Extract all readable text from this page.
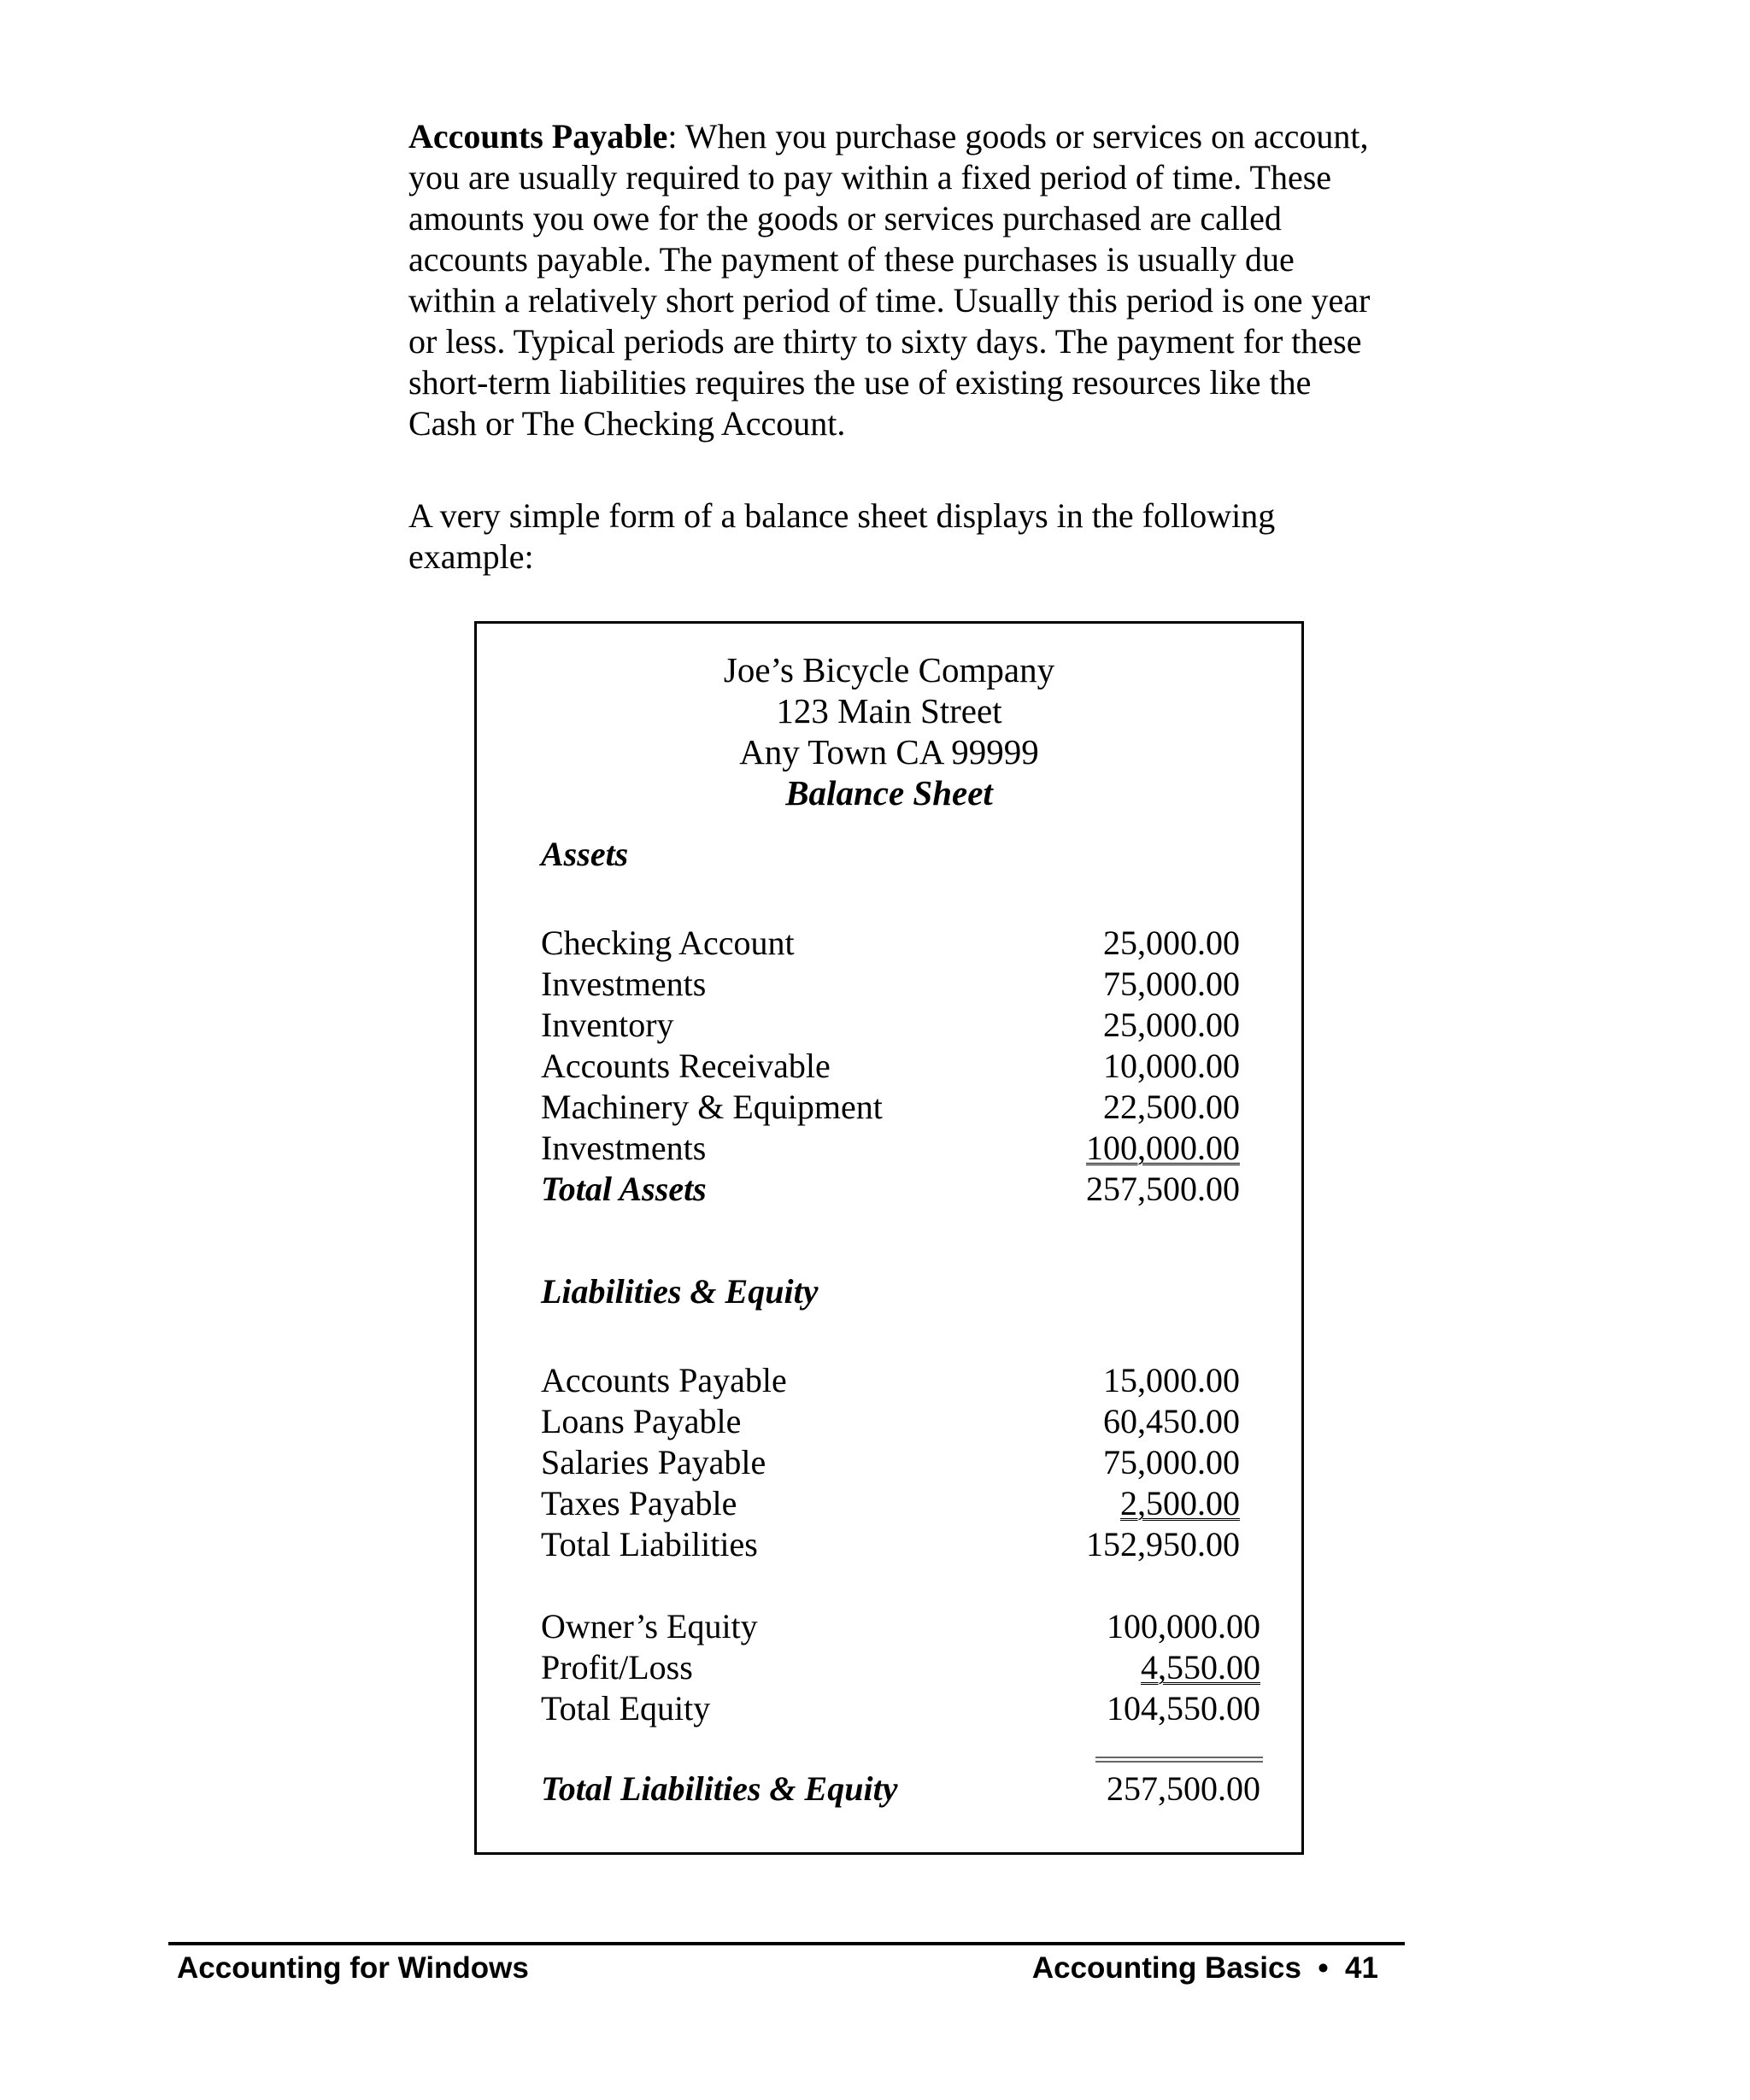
Accounts Payable: When you purchase goods or services on account, you are usually required to pay within a fixed period of time. These amounts you owe for the goods or services purchased are called accounts payable. The payment of these purchases is usually due within a relatively short period of time. Usually this period is one year or less. Typical periods are thirty to sixty days. The payment for these short-term liabilities requires the use of existing resources like the Cash or The Checking Account.

A very simple form of a balance sheet displays in the following example:

Joe’s Bicycle Company
123 Main Street
Any Town CA 99999
Balance Sheet
Assets
Checking Account	25,000.00
Investments	75,000.00
Inventory	25,000.00
Accounts Receivable	10,000.00
Machinery & Equipment	22,500.00
Investments	100,000.00
Total Assets	257,500.00
Liabilities & Equity
Accounts Payable	15,000.00
Loans Payable	60,450.00
Salaries Payable	75,000.00
Taxes Payable	2,500.00
Total Liabilities	152,950.00
Owner’s Equity	100,000.00
Profit/Loss	4,550.00
Total Equity	104,550.00
Total Liabilities & Equity	257,500.00
Accounting for Windows	Accounting Basics  •  41
